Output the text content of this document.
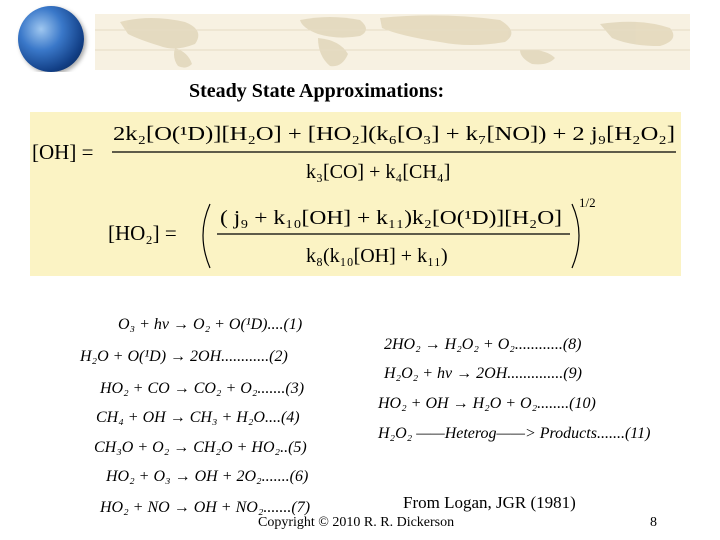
Steady State Approximations:
[OH] =
2k₂[O(¹D)][H₂O] + [HO₂](k₆[O₃] + k₇[NO]) + 2 j₉[H₂O₂]
k₃[CO] + k₄[CH₄]
[HO₂] =
( j₉ + k₁₀[OH] + k₁₁)k₂[O(¹D)][H₂O]
k₈(k₁₀[OH] + k₁₁)
1/2
O₃ + hν → O₂ + O(¹D)....(1)
H₂O + O(¹D) → 2OH............(2)
HO₂ + CO → CO₂ + O₂.......(3)
CH₄ + OH → CH₃ + H₂O....(4)
CH₃O + O₂ → CH₂O + HO₂..(5)
HO₂ + O₃ → OH + 2O₂.......(6)
HO₂ + NO → OH + NO₂.......(7)
2HO₂ → H₂O₂ + O₂............(8)
H₂O₂ + hν → 2OH..............(9)
HO₂ + OH → H₂O + O₂........(10)
H₂O₂ ——Heterog——> Products.......(11)
From Logan, JGR (1981)
Copyright © 2010 R. R. Dickerson	8
